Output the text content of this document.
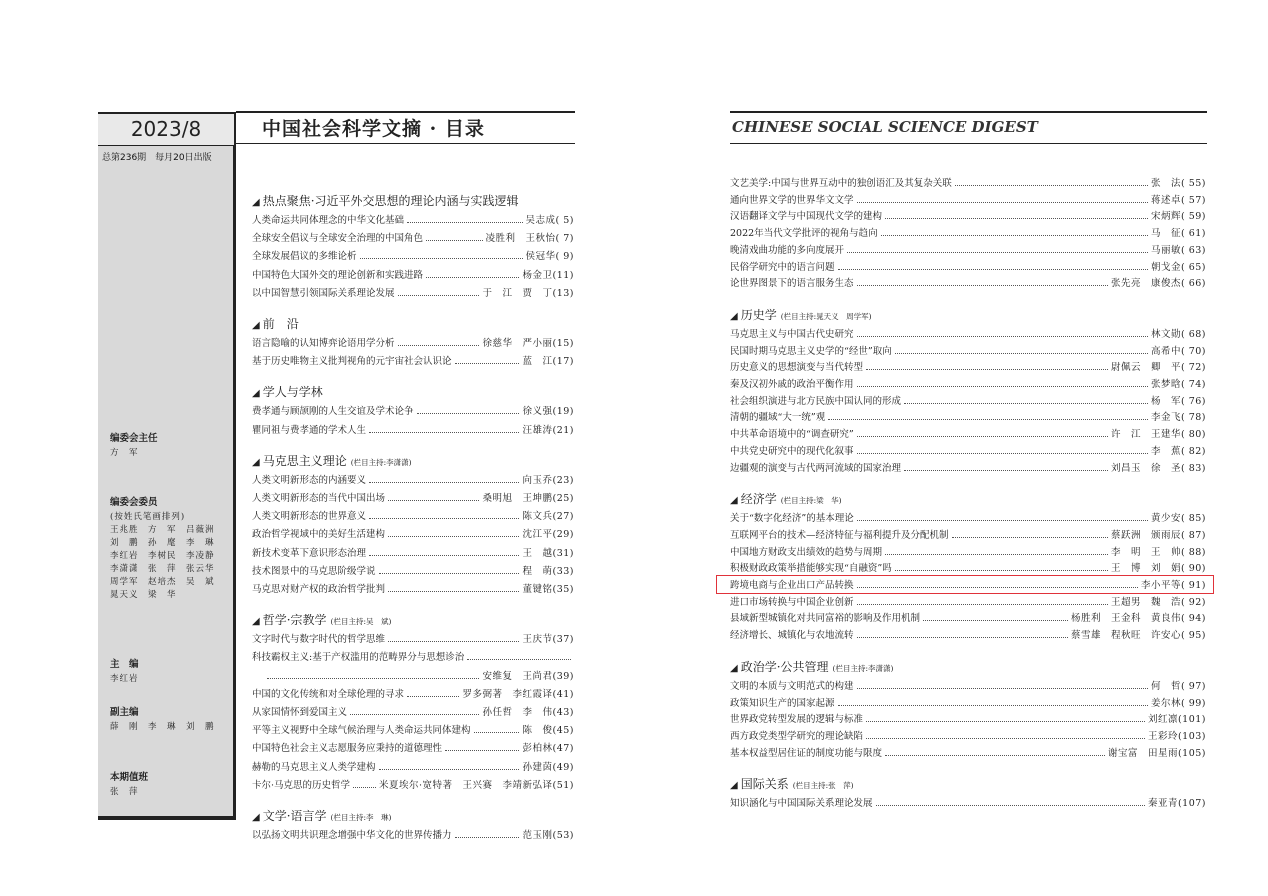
2023/8
总第236期　每月20日出版
编委会主任
方　军
编委会委员
(按姓氏笔画排列)
王兆胜　方　军　吕薇洲
刘　鹏　孙　麾　李　琳
李红岩　李树民　李凌静
李潇潇　张　萍　张云华
周学军　赵培杰　吴　斌
晁天义　梁　华
主　编
李红岩
副主编
薛　刚　李　琳　刘　鹏
本期值班
张　萍
中国社会科学文摘 · 目录	CHINESE SOCIAL SCIENCE DIGEST
◢ 热点聚焦·习近平外交思想的理论内涵与实践逻辑
人类命运共同体理念的中华文化基础	吴志成( 5)
全球安全倡议与全球安全治理的中国角色	凌胜利　王秋怡( 7)
全球发展倡议的多维论析	侯冠华( 9)
中国特色大国外交的理论创新和实践进路	杨金卫(11)
以中国智慧引领国际关系理论发展	于　江　贾　丁(13)
◢ 前　沿
语言隐喻的认知博弈论语用学分析	徐慈华　严小丽(15)
基于历史唯物主义批判视角的元宇宙社会认识论	蓝　江(17)
◢ 学人与学林
费孝通与顾颉刚的人生交谊及学术论争	徐义强(19)
瞿同祖与费孝通的学术人生	汪雄涛(21)
◢ 马克思主义理论 (栏目主持:李潇潇)
人类文明新形态的内涵要义	向玉乔(23)
人类文明新形态的当代中国出场	桑明旭　王坤鹏(25)
人类文明新形态的世界意义	陈文兵(27)
政治哲学视域中的美好生活建构	沈江平(29)
新技术变革下意识形态治理	王　越(31)
技术图景中的马克思阶级学说	程　萌(33)
马克思对财产权的政治哲学批判	董键铭(35)
◢ 哲学·宗教学 (栏目主持:吴　斌)
文字时代与数字时代的哲学思维	王庆节(37)
科技霸权主义:基于产权滥用的范畴界分与思想诊治
安维复　王尚君(39)
中国的文化传统和对全球伦理的寻求	罗多弼著　李红霞译(41)
从家国情怀到爱国主义	孙任哲　李　伟(43)
平等主义视野中全球气候治理与人类命运共同体建构	陈　俊(45)
中国特色社会主义志愿服务应秉持的道德理性	彭柏林(47)
赫勒的马克思主义人类学建构	孙建茵(49)
卡尔·马克思的历史哲学	米夏埃尔·宽特著　王兴赛　李靖新弘译(51)
◢ 文学·语言学 (栏目主持:李　琳)
以弘扬文明共识理念增强中华文化的世界传播力	范玉刚(53)
文艺美学:中国与世界互动中的独创语汇及其复杂关联	张　法( 55)
通向世界文学的世界华文文学	蒋述卓( 57)
汉语翻译文学与中国现代文学的建构	宋炳辉( 59)
2022年当代文学批评的视角与趋向	马　征( 61)
晚清戏曲功能的多向度展开	马丽敏( 63)
民俗学研究中的语言问题	朝戈金( 65)
论世界图景下的语言服务生态	张先亮　康俊杰( 66)
◢ 历史学 (栏目主持:晁天义　周学军)
马克思主义与中国古代史研究	林文勋( 68)
民国时期马克思主义史学的“经世”取向	高希中( 70)
历史意义的思想演变与当代转型	尉佩云　卿　平( 72)
秦及汉初外戚的政治平衡作用	张梦晗( 74)
社会组织演进与北方民族中国认同的形成	杨　军( 76)
清朝的疆域“大一统”观	李金飞( 78)
中共革命语境中的“调查研究”	许　江　王建华( 80)
中共党史研究中的现代化叙事	李　蕉( 82)
边疆观的演变与古代两河流域的国家治理	刘昌玉　徐　圣( 83)
◢ 经济学 (栏目主持:梁　华)
关于“数字化经济”的基本理论	黄少安( 85)
互联网平台的技术—经济特征与福利提升及分配机制	蔡跃洲　颁雨辰( 87)
中国地方财政支出绩效的趋势与周期	李　明　王　帅( 88)
积极财政政策举措能够实现“自融资”吗	王　博　刘　娟( 90)
跨境电商与企业出口产品转换	李小平等( 91)
进口市场转换与中国企业创新	王超男　魏　浩( 92)
县域新型城镇化对共同富裕的影响及作用机制	杨胜利　王金科　黄良伟( 94)
经济增长、城镇化与农地流转	蔡雪雄　程秋旺　许安心( 95)
◢ 政治学·公共管理 (栏目主持:李潇潇)
文明的本质与文明范式的构建	何　哲( 97)
政策知识生产的国家起源	姜尔林( 99)
世界政党转型发展的逻辑与标准	刘红凛(101)
西方政党类型学研究的理论缺陷	王彩玲(103)
基本权益型居住证的制度功能与限度	谢宝富　田星雨(105)
◢ 国际关系 (栏目主持:张　萍)
知识涵化与中国国际关系理论发展	秦亚青(107)
